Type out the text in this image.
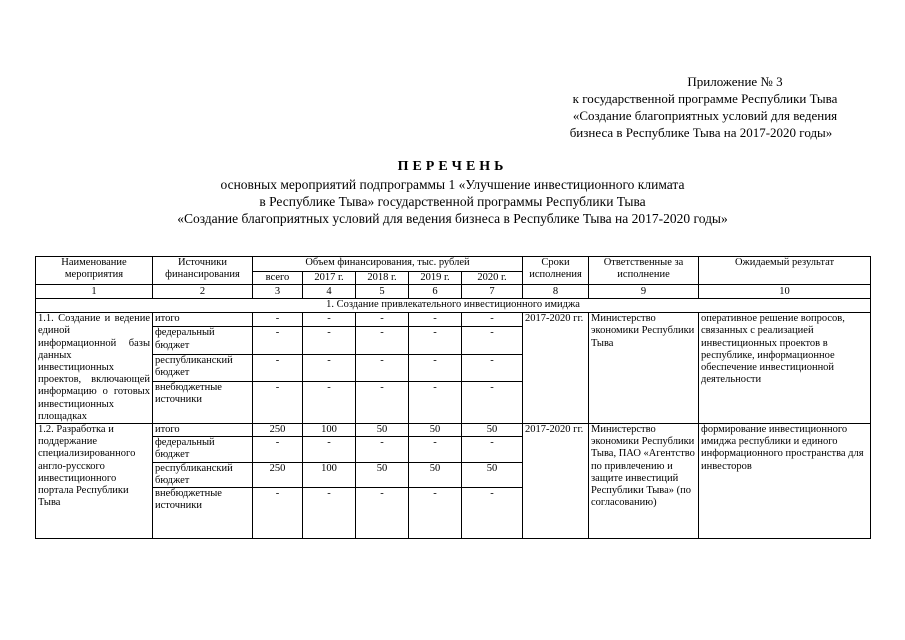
Приложение № 3
к государственной программе Республики Тыва
«Создание благоприятных условий для ведения
бизнеса в Республике Тыва на 2017-2020 годы»
ПЕРЕЧЕНЬ
основных мероприятий подпрограммы 1 «Улучшение инвестиционного климата
в Республике Тыва» государственной программы Республики Тыва
«Создание благоприятных условий для ведения бизнеса в Республике Тыва на 2017-2020 годы»
Наименование мероприятия	Источники финансирования	Объем финансирования, тыс. рублей					Сроки исполнения	Ответственные за исполнение	Ожидаемый результат
		всего	2017 г.	2018 г.	2019 г.	2020 г.			
1	2	3	4	5	6	7	8	9	10
1. Создание привлекательного инвестиционного имиджа									
1.1. Создание и ведение единой информационной базы данных инвестиционных проектов, включающей информацию о готовых инвестиционных площадках	итого	-	-	-	-	-	2017-2020 гг.	Министерство экономики Республики Тыва	оперативное решение вопросов, связанных с реализацией инвестиционных проектов в республике, информационное обеспечение инвестиционной деятельности
	федеральный бюджет	-	-	-	-	-			
	республиканский бюджет	-	-	-	-	-			
	внебюджетные источники	-	-	-	-	-			
1.2. Разработка и поддержание специализированного англо-русского инвестиционного портала Республики Тыва	итого	250	100	50	50	50	2017-2020 гг.	Министерство экономики Республики Тыва, ПАО «Агентство по привлечению и защите инвестиций Республики Тыва» (по согласованию)	формирование инвестиционного имиджа республики и единого информационного пространства для инвесторов
	федеральный бюджет	-	-	-	-	-			
	республиканский бюджет	250	100	50	50	50			
	внебюджетные источники	-	-	-	-	-			
